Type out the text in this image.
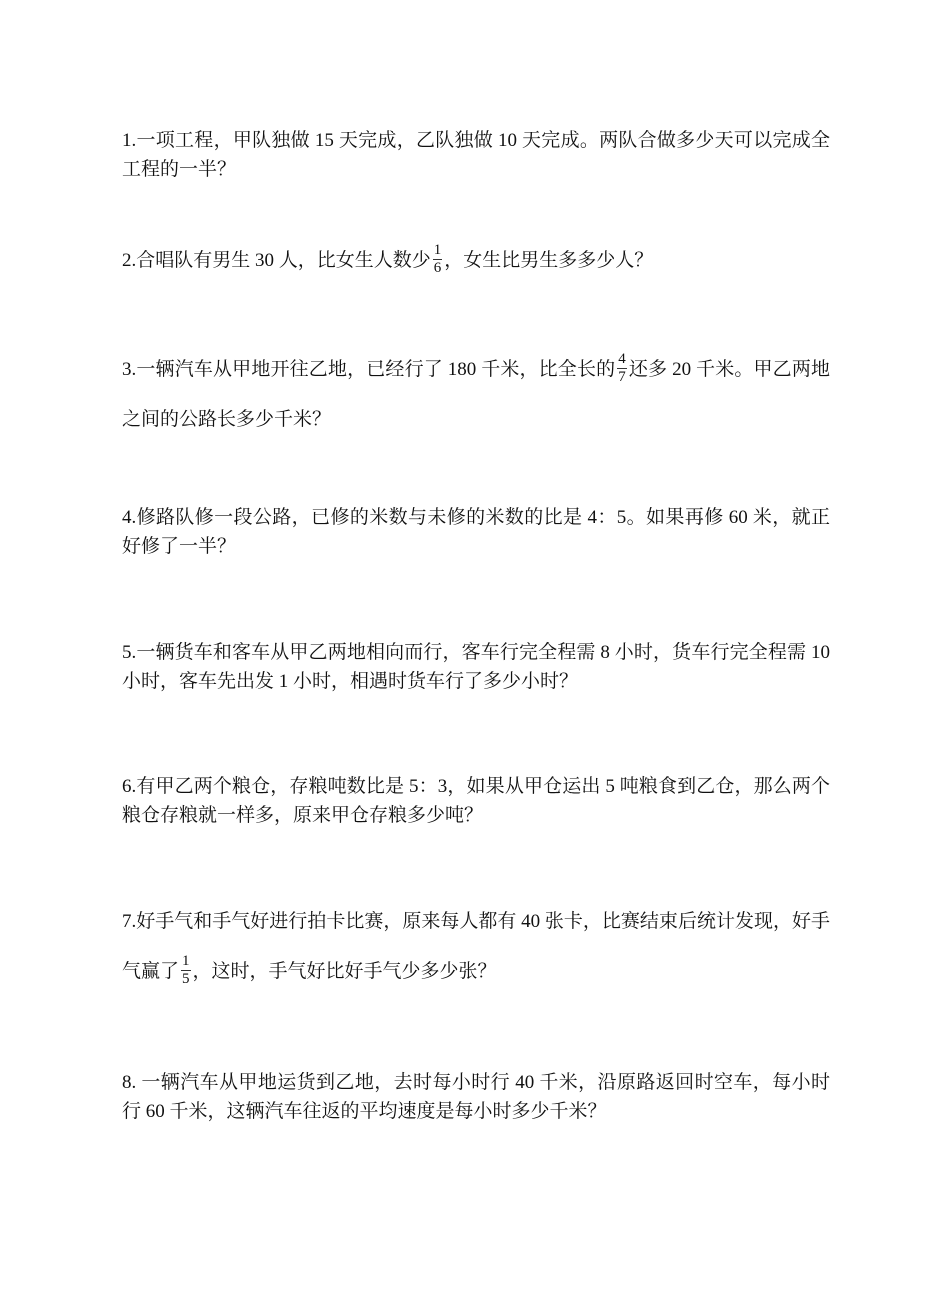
1.一项工程，甲队独做 15 天完成，乙队独做 10 天完成。两队合做多少天可以完成全工程的一半？
2.合唱队有男生 30 人，比女生人数少 $\frac{1}{6}$ ，女生比男生多多少人？
3.一辆汽车从甲地开往乙地，已经行了 180 千米，比全长的 $\frac{4}{7}$ 还多 20 千米。甲乙两地之间的公路长多少千米？
4.修路队修一段公路，已修的米数与未修的米数的比是 4：5。如果再修 60 米，就正好修了一半？
5.一辆货车和客车从甲乙两地相向而行，客车行完全程需 8 小时，货车行完全程需 10 小时，客车先出发 1 小时，相遇时货车行了多少小时？
6.有甲乙两个粮仓，存粮吨数比是 5：3，如果从甲仓运出 5 吨粮食到乙仓，那么两个粮仓存粮就一样多，原来甲仓存粮多少吨？
7.好手气和手气好进行拍卡比赛，原来每人都有 40 张卡，比赛结束后统计发现，好手气赢了 $\frac{1}{5}$ ，这时，手气好比好手气少多少张？
8. 一辆汽车从甲地运货到乙地，去时每小时行 40 千米，沿原路返回时空车，每小时行 60 千米，这辆汽车往返的平均速度是每小时多少千米？
